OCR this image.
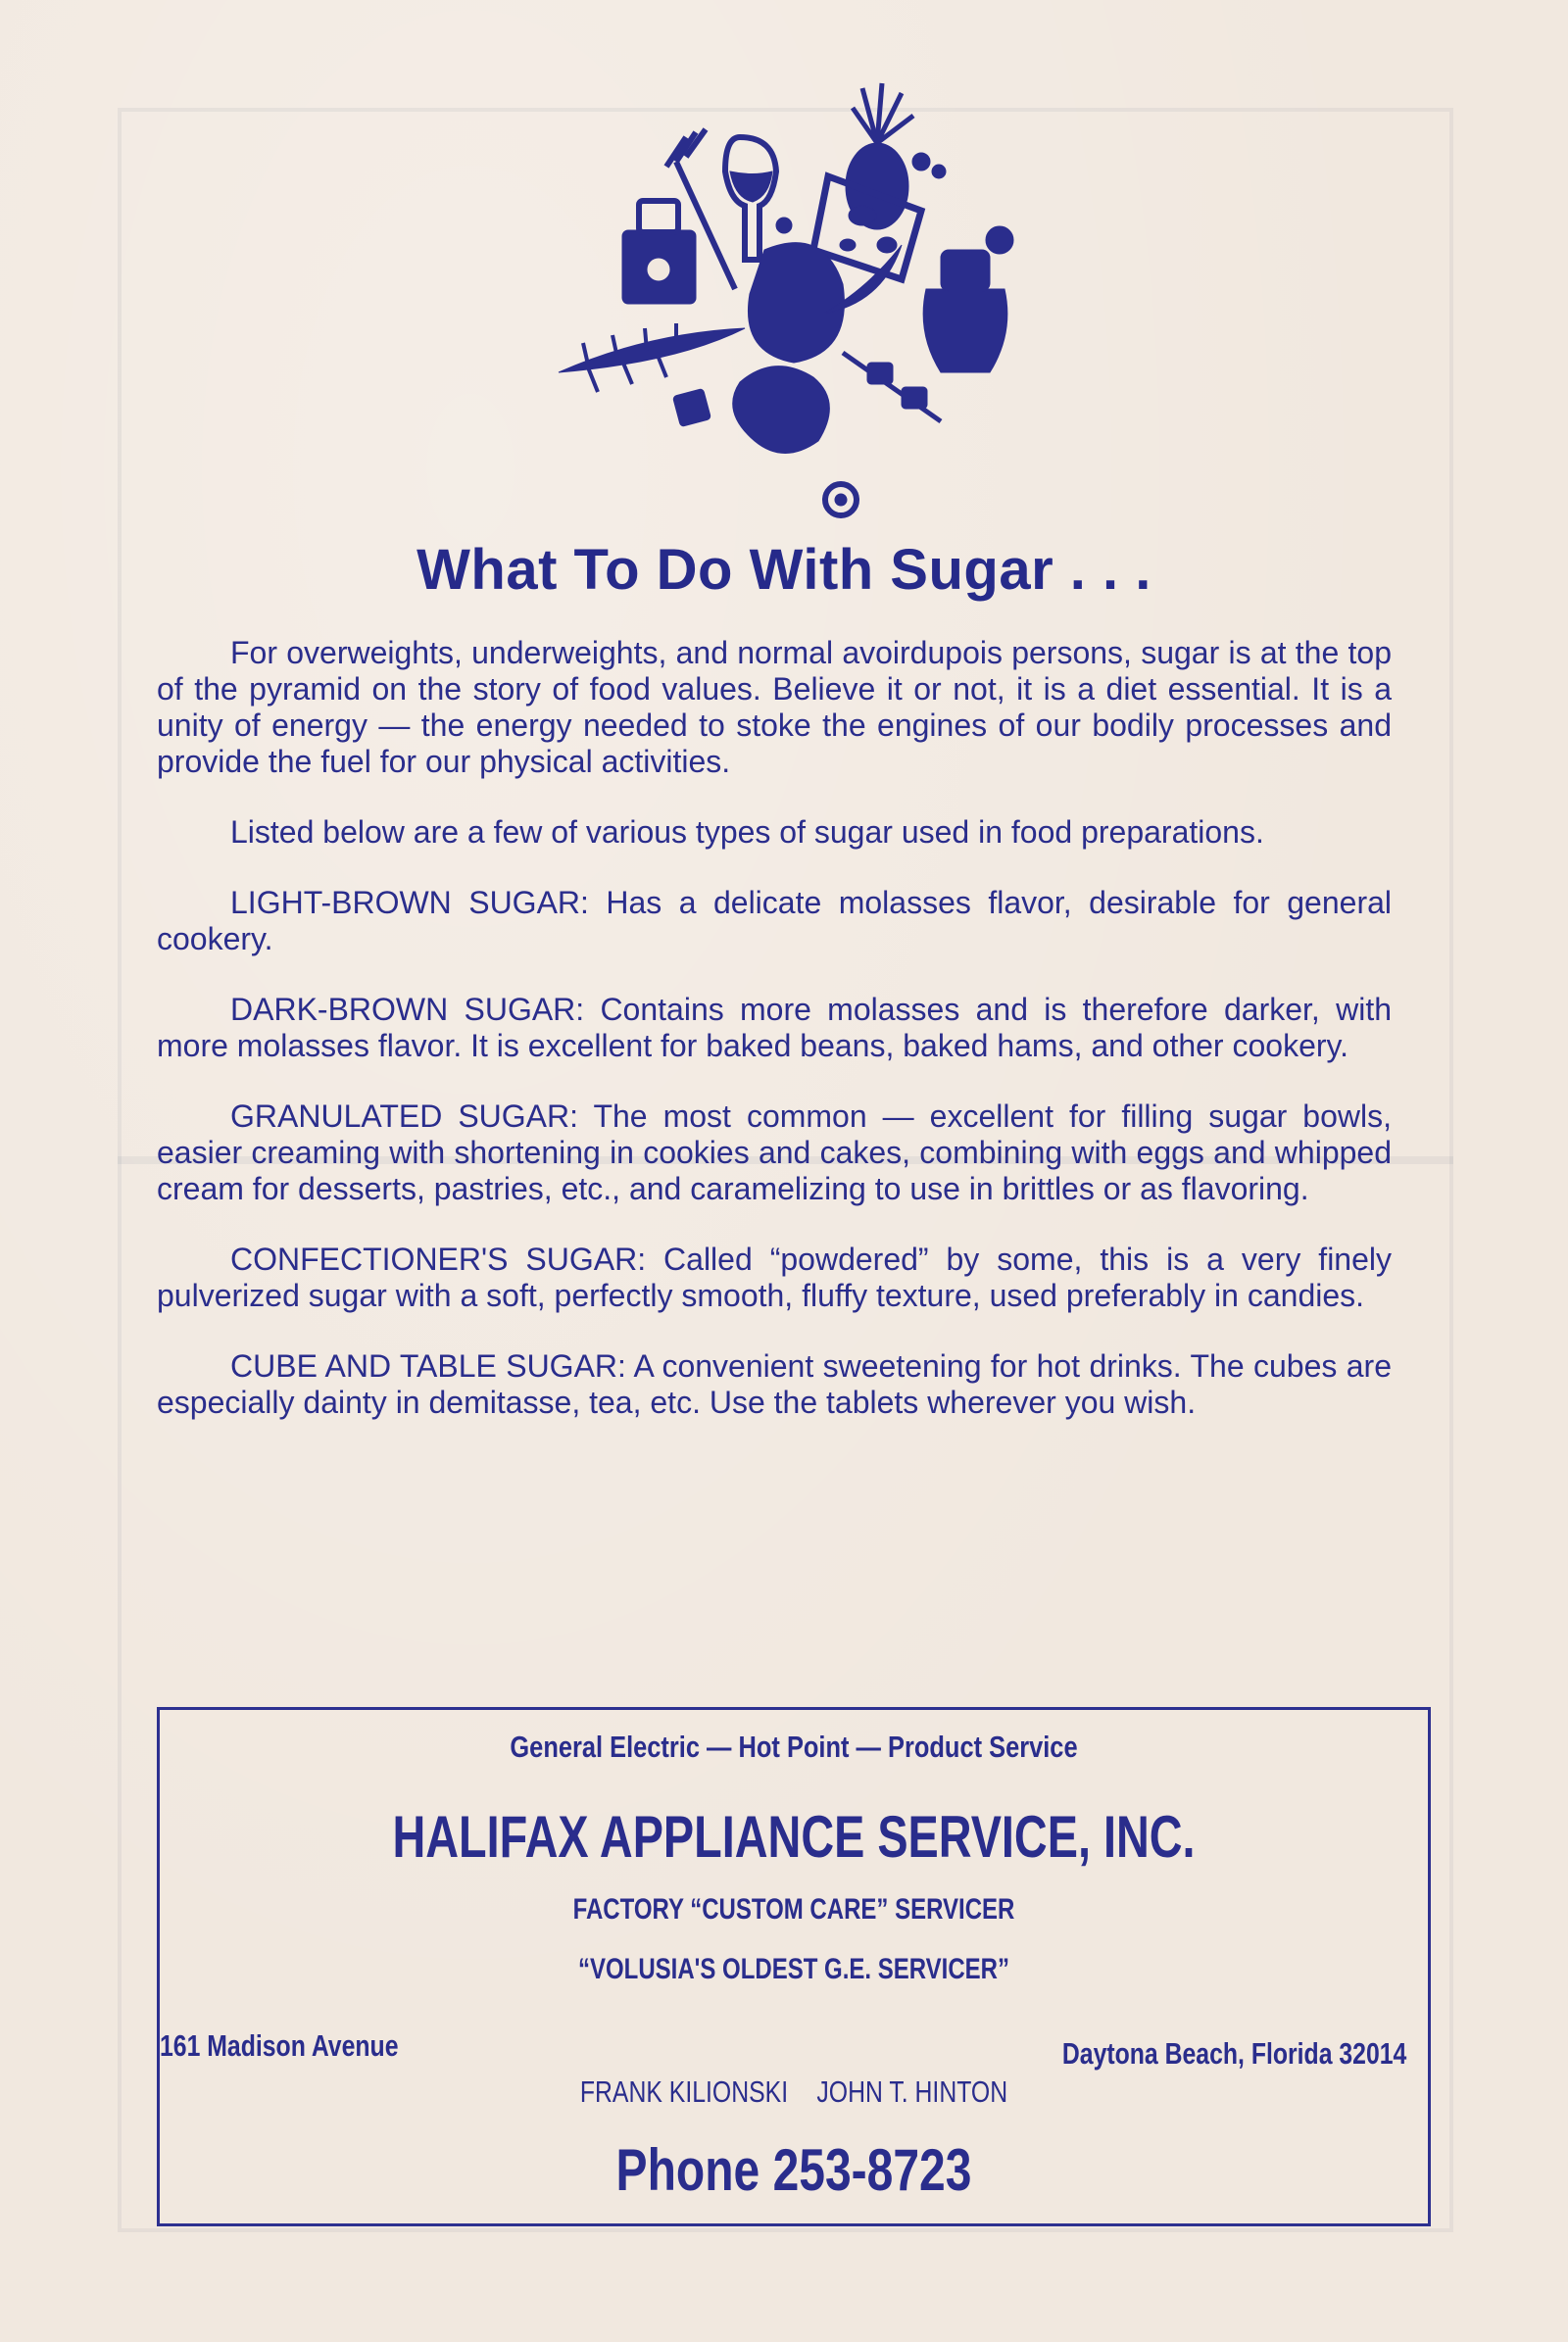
What To Do With Sugar . . .

For overweights, underweights, and normal avoirdupois persons, sugar is at the top of the pyramid on the story of food values. Believe it or not, it is a diet essential. It is a unity of energy — the energy needed to stoke the engines of our bodily processes and provide the fuel for our physical activities.

Listed below are a few of various types of sugar used in food preparations.

LIGHT-BROWN SUGAR: Has a delicate molasses flavor, desirable for general cookery.

DARK-BROWN SUGAR: Contains more molasses and is therefore darker, with more molasses flavor. It is excellent for baked beans, baked hams, and other cookery.

GRANULATED SUGAR: The most common — excellent for filling sugar bowls, easier creaming with shortening in cookies and cakes, combining with eggs and whipped cream for desserts, pastries, etc., and caramelizing to use in brittles or as flavoring.

CONFECTIONER'S SUGAR: Called “powdered” by some, this is a very finely pulverized sugar with a soft, perfectly smooth, fluffy texture, used preferably in candies.

CUBE AND TABLE SUGAR: A convenient sweetening for hot drinks. The cubes are especially dainty in demitasse, tea, etc. Use the tablets wherever you wish.

General Electric — Hot Point — Product Service
HALIFAX APPLIANCE SERVICE, INC.
FACTORY “CUSTOM CARE” SERVICER
“VOLUSIA'S OLDEST G.E. SERVICER”
161 Madison Avenue	Daytona Beach, Florida 32014
FRANK KILIONSKI JOHN T. HINTON
Phone 253-8723
